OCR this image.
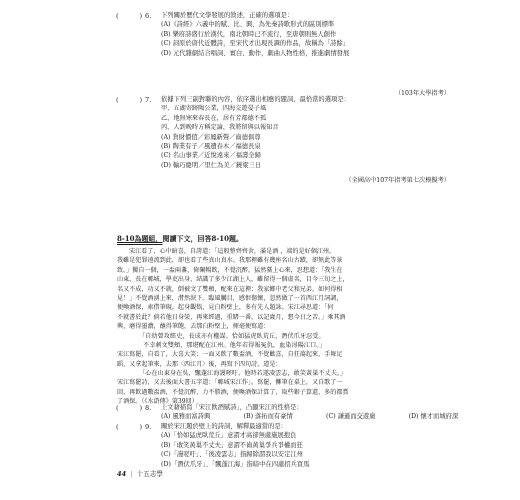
(	) 6. 下列關於歷代文學發展的敘述，正確的選項是：
(A)《詩經》六義中的賦、比、興，為先秦詩歌形式的區別標準
(B) 樂府詩盛行於漢代，南北朝時已不流行，至唐朝則無人創作
(C) 詞原於唐代近體詩，至宋代才出現長調的作品，故稱為「詩餘」
(D) 元代雜劇結合唱詞、賓白、動作，劇曲人物性格，推進劇情發展
（103年大學指考）
(	) 7. 依據下列三副對聯的內容，依序選出相應的題詞，最恰當的選項是：
甲、五湖寄跡陶公業，四海交遊晏子風
乙、地無寒來春長在，居有芳都德不孤
丙、人到晚時方稱定論，我將留與以報知音
(A) 貨財價值／彩鳳新聲／齒德俱尊
(B) 陶業有子／風遺春木／福德長泉
(C) 名山事業／近悅遠來／福壽全歸
(D) 輸巧慶明／里仁為美／鐃梁三日
（全國高中107年指考第七次模擬考）
8-10為題組，閱讀下文，回答8-10題。
宋江看了，心中暗喜，自誇道：「這般整齊齊舍，滿是酒 ，端的是好個江州，
我雖是犯罪遠流到此，卻也看了些真山真水。我那裡雖有幾座名山古蹟，卻無此等景
致。」獨自一個，一盃兩盞，倚闌暢飲，不覺沉醉，猛然驀上心來，思想道：「我生在
山東，長在鄆城，學吏出身，結識了多少江湖上人，雖留得一個虛名，目今三旬之上，
名又不成，功又不就，倒被文了雙頰，配來在這裡；我家鄉中老父和兄弟，如何得相
見！」不覺酒湧上來，潸然淚下。臨風觸目，感恨傷懷，忽然做了一首西江月詞調，
便喚酒保，索借筆硯。起身觀翫，見白粉壁上，多有先人題詠。宋江尋思道：「何
不就書於此？倘若他日身榮，再來經過，重睹一番，以記歲月，想今日之苦。」乘其酒
興，磨得墨濃，蘸得筆飽，去那白粉壁上，揮毫便寫道：
「自幼曾攻經史，長成亦有權謀。恰如猛虎臥荒丘，潛伏爪牙忍受。
不幸刺文雙頰，那堪配在江州。他年若得報冤仇，血染潯陽江口。」
宋江寫罷，自看了，大喜大笑；一面又飲了數盃酒，不覺歡喜，自狂蕩起來，手舞足
蹈，又拿起筆來，去那〈西江月〉後，再寫下四句詩，道是：
「心在山東身在吳，飄蓬江海謾嗟吁。他時若遂凌雲志，敢笑黃巢不丈夫。」
宋江寫罷詩，又去後面大書五字道：「鄆城宋江作」。寫罷，擲筆在桌上，又自歌了一
回，再飲過數盃酒，不覺沉醉，力不勝酒，便喚酒保計算了，取些銀子算還，多的都賞
了酒保。（《水滸傳》第39回）
(	) 8. 上文藉描寫「宋江飲酒賦詩」，凸顯宋江的性格是：
(A) 風雅而富詩興	(B) 落拓而有豪情	(C) 謙遜而交遊廣	(D) 懷才而城府深
(	) 9. 關於宋江題於壁上的詩詞，解釋最適當的是：
(A)「恰如猛虎臥荒丘」意謂才高卻無處施展抱負
(B)「敢笑黃巢不丈夫」意謂不齒黃巢爭兵爭權而狂
(C)「謾嗟吁」、「後凌雲志」指歸除謂我以安定江州
(D)「潛伏爪牙」、「飄蓬江海」指暗中在四處招兵買馬
44 | 十五志學
